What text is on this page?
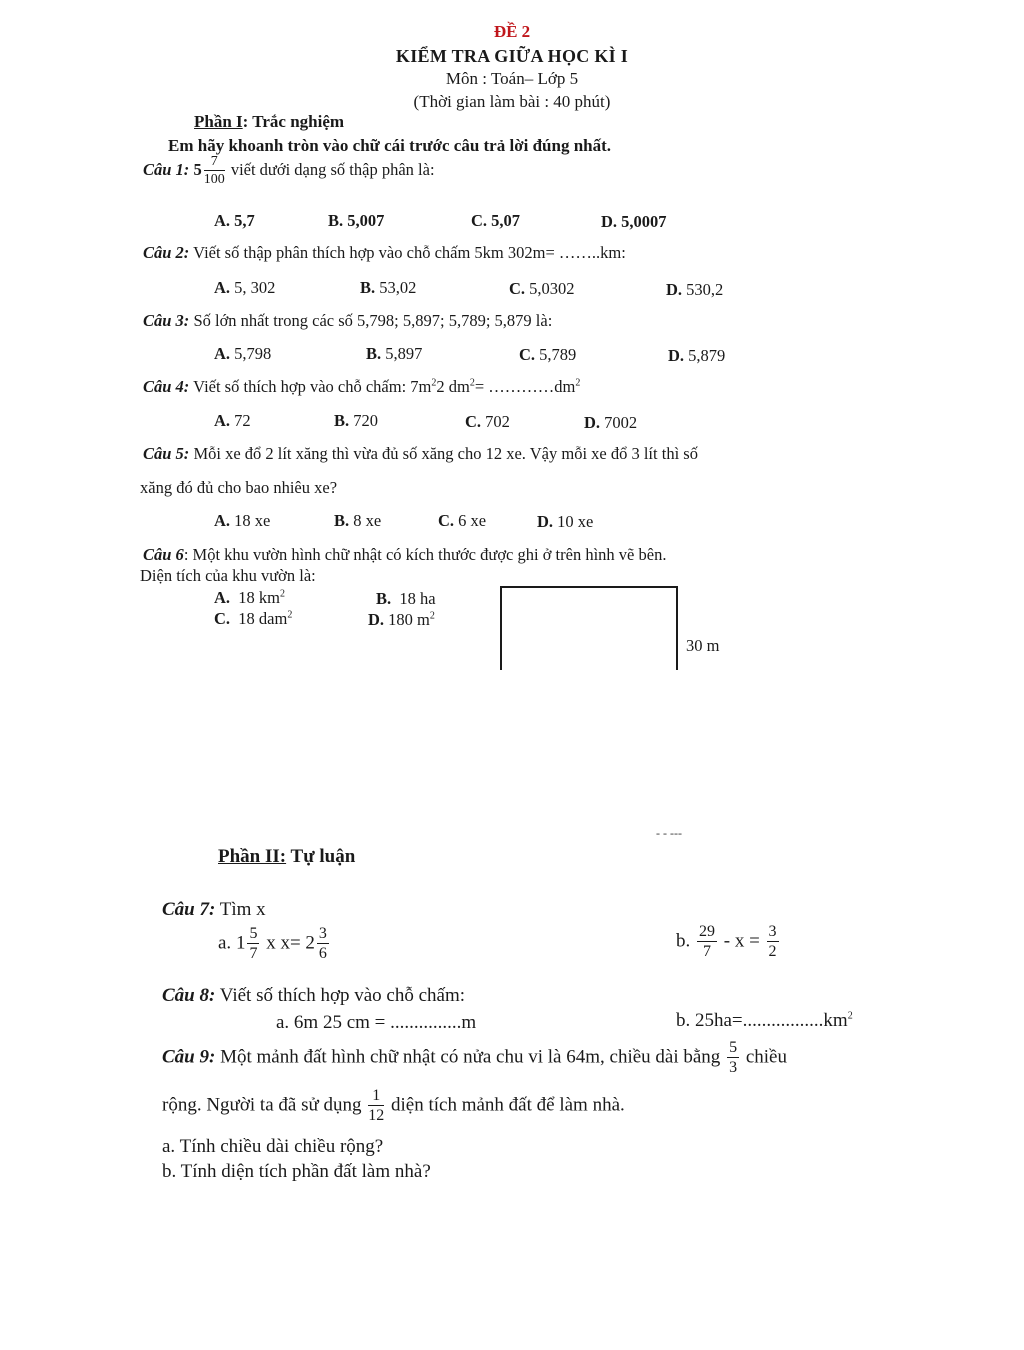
ĐỀ 2
KIỂM TRA GIỮA HỌC KÌ I
Môn : Toán– Lớp 5
(Thời gian làm bài : 40 phút)
Phần I: Trắc nghiệm
Em hãy khoanh tròn vào chữ cái trước câu trả lời đúng nhất.
Câu 1: $5 \frac{7}{100}$ viết dưới dạng số thập phân là:
A. 5,7	B. 5,007	C. 5,07	D. 5,0007
Câu 2: Viết số thập phân thích hợp vào chỗ chấm 5km 302m= ……..km:
A. 5, 302	B. 53,02	C. 5,0302	D. 530,2
Câu 3: Số lớn nhất trong các số 5,798; 5,897; 5,789; 5,879 là:
A. 5,798	B. 5,897	C. 5,789	D. 5,879
Câu 4: Viết số thích hợp vào chỗ chấm: $7m^22$ $dm^2=$ $\dots\dots\dots\dots dm^2$
A. 72	B. 720	C. 702	D. 7002
Câu 5: Mỗi xe đổ 2 lít xăng thì vừa đủ số xăng cho 12 xe. Vậy mỗi xe đổ 3 lít thì số
xăng đó đủ cho bao nhiêu xe?
A. 18 xe	B. 8 xe	C. 6 xe	D. 10 xe
Câu 6: Một khu vườn hình chữ nhật có kích thước được ghi ở trên hình vẽ bên.
Diện tích của khu vườn là:
A. 18 $km^2$	B. 18 ha
C. 18 dam$^2$	D. 180 $m^2$
30 m
- - ---
Phần II: Tự luận
Câu 7: Tìm x
a. $1 \frac{5}{7}$ x $x= 2 \frac{3}{6}$	b. $\frac{29}{7} - x = \frac{3}{2}$
Câu 8: Viết số thích hợp vào chỗ chấm:
a. 6m 25 cm = ...............m	b. $25ha=.................km^2$
Câu 9: Một mảnh đất hình chữ nhật có nửa chu vi là 64m, chiều dài bằng $\frac{5}{3}$ chiều
rộng. Người ta đã sử dụng $\frac{1}{12}$ diện tích mảnh đất để làm nhà.
a. Tính chiều dài chiều rộng?
b. Tính diện tích phần đất làm nhà?
